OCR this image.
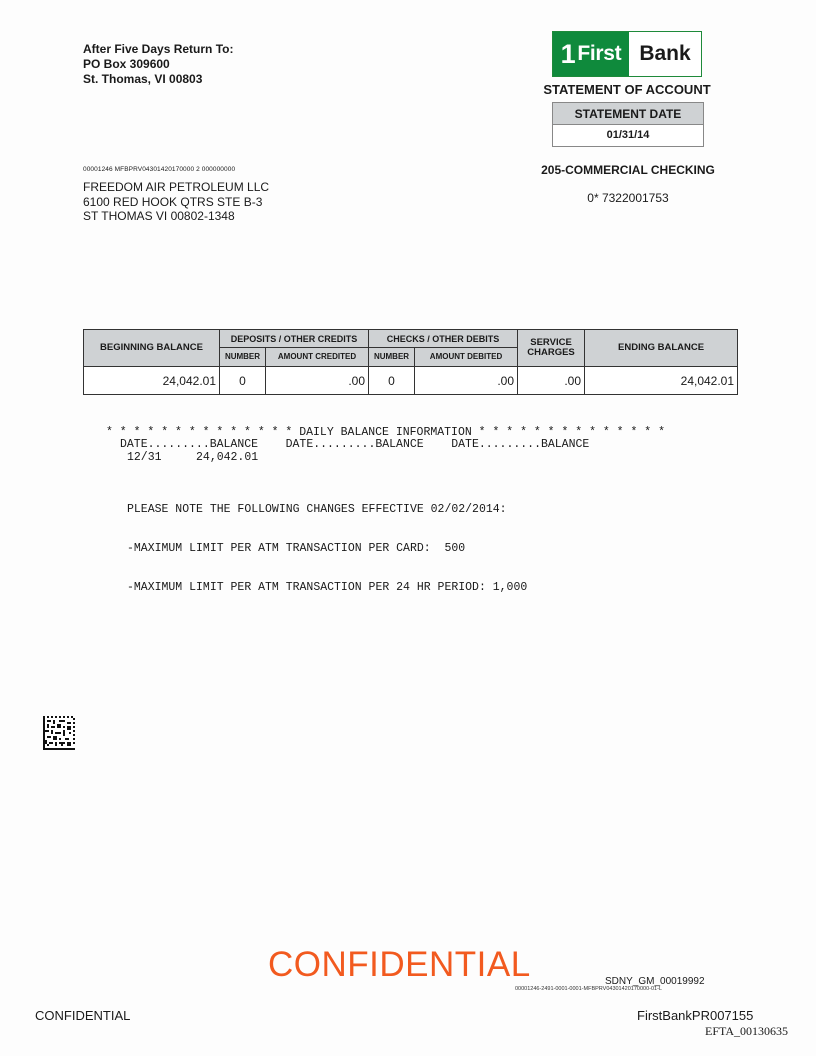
After Five Days Return To:
PO Box 309600
St. Thomas, VI 00803
1 First Bank
STATEMENT OF ACCOUNT
STATEMENT DATE
01/31/14
205-COMMERCIAL CHECKING
0* 7322001753
00001246 MFBPRV04301420170000 2 000000000
FREEDOM AIR PETROLEUM LLC
6100 RED HOOK QTRS STE B-3
ST THOMAS VI 00802-1348
BEGINNING BALANCE	DEPOSITS / OTHER CREDITS		CHECKS / OTHER DEBITS		SERVICE CHARGES	ENDING BALANCE
	NUMBER	AMOUNT CREDITED	NUMBER	AMOUNT DEBITED		
24,042.01	0	.00	0	.00	.00	24,042.01
* * * * * * * * * * * * * * DAILY BALANCE INFORMATION * * * * * * * * * * * * * *
DATE.........BALANCE    DATE.........BALANCE    DATE.........BALANCE
12/31     24,042.01

PLEASE NOTE THE FOLLOWING CHANGES EFFECTIVE 02/02/2014:

-MAXIMUM LIMIT PER ATM TRANSACTION PER CARD:  500

-MAXIMUM LIMIT PER ATM TRANSACTION PER 24 HR PERIOD: 1,000

CONFIDENTIAL	SDNY_GM_00019992
00001246-2491-0001-0001-MFBPRV04301420170000-01-L
CONFIDENTIAL	FirstBankPR007155
EFTA_00130635
